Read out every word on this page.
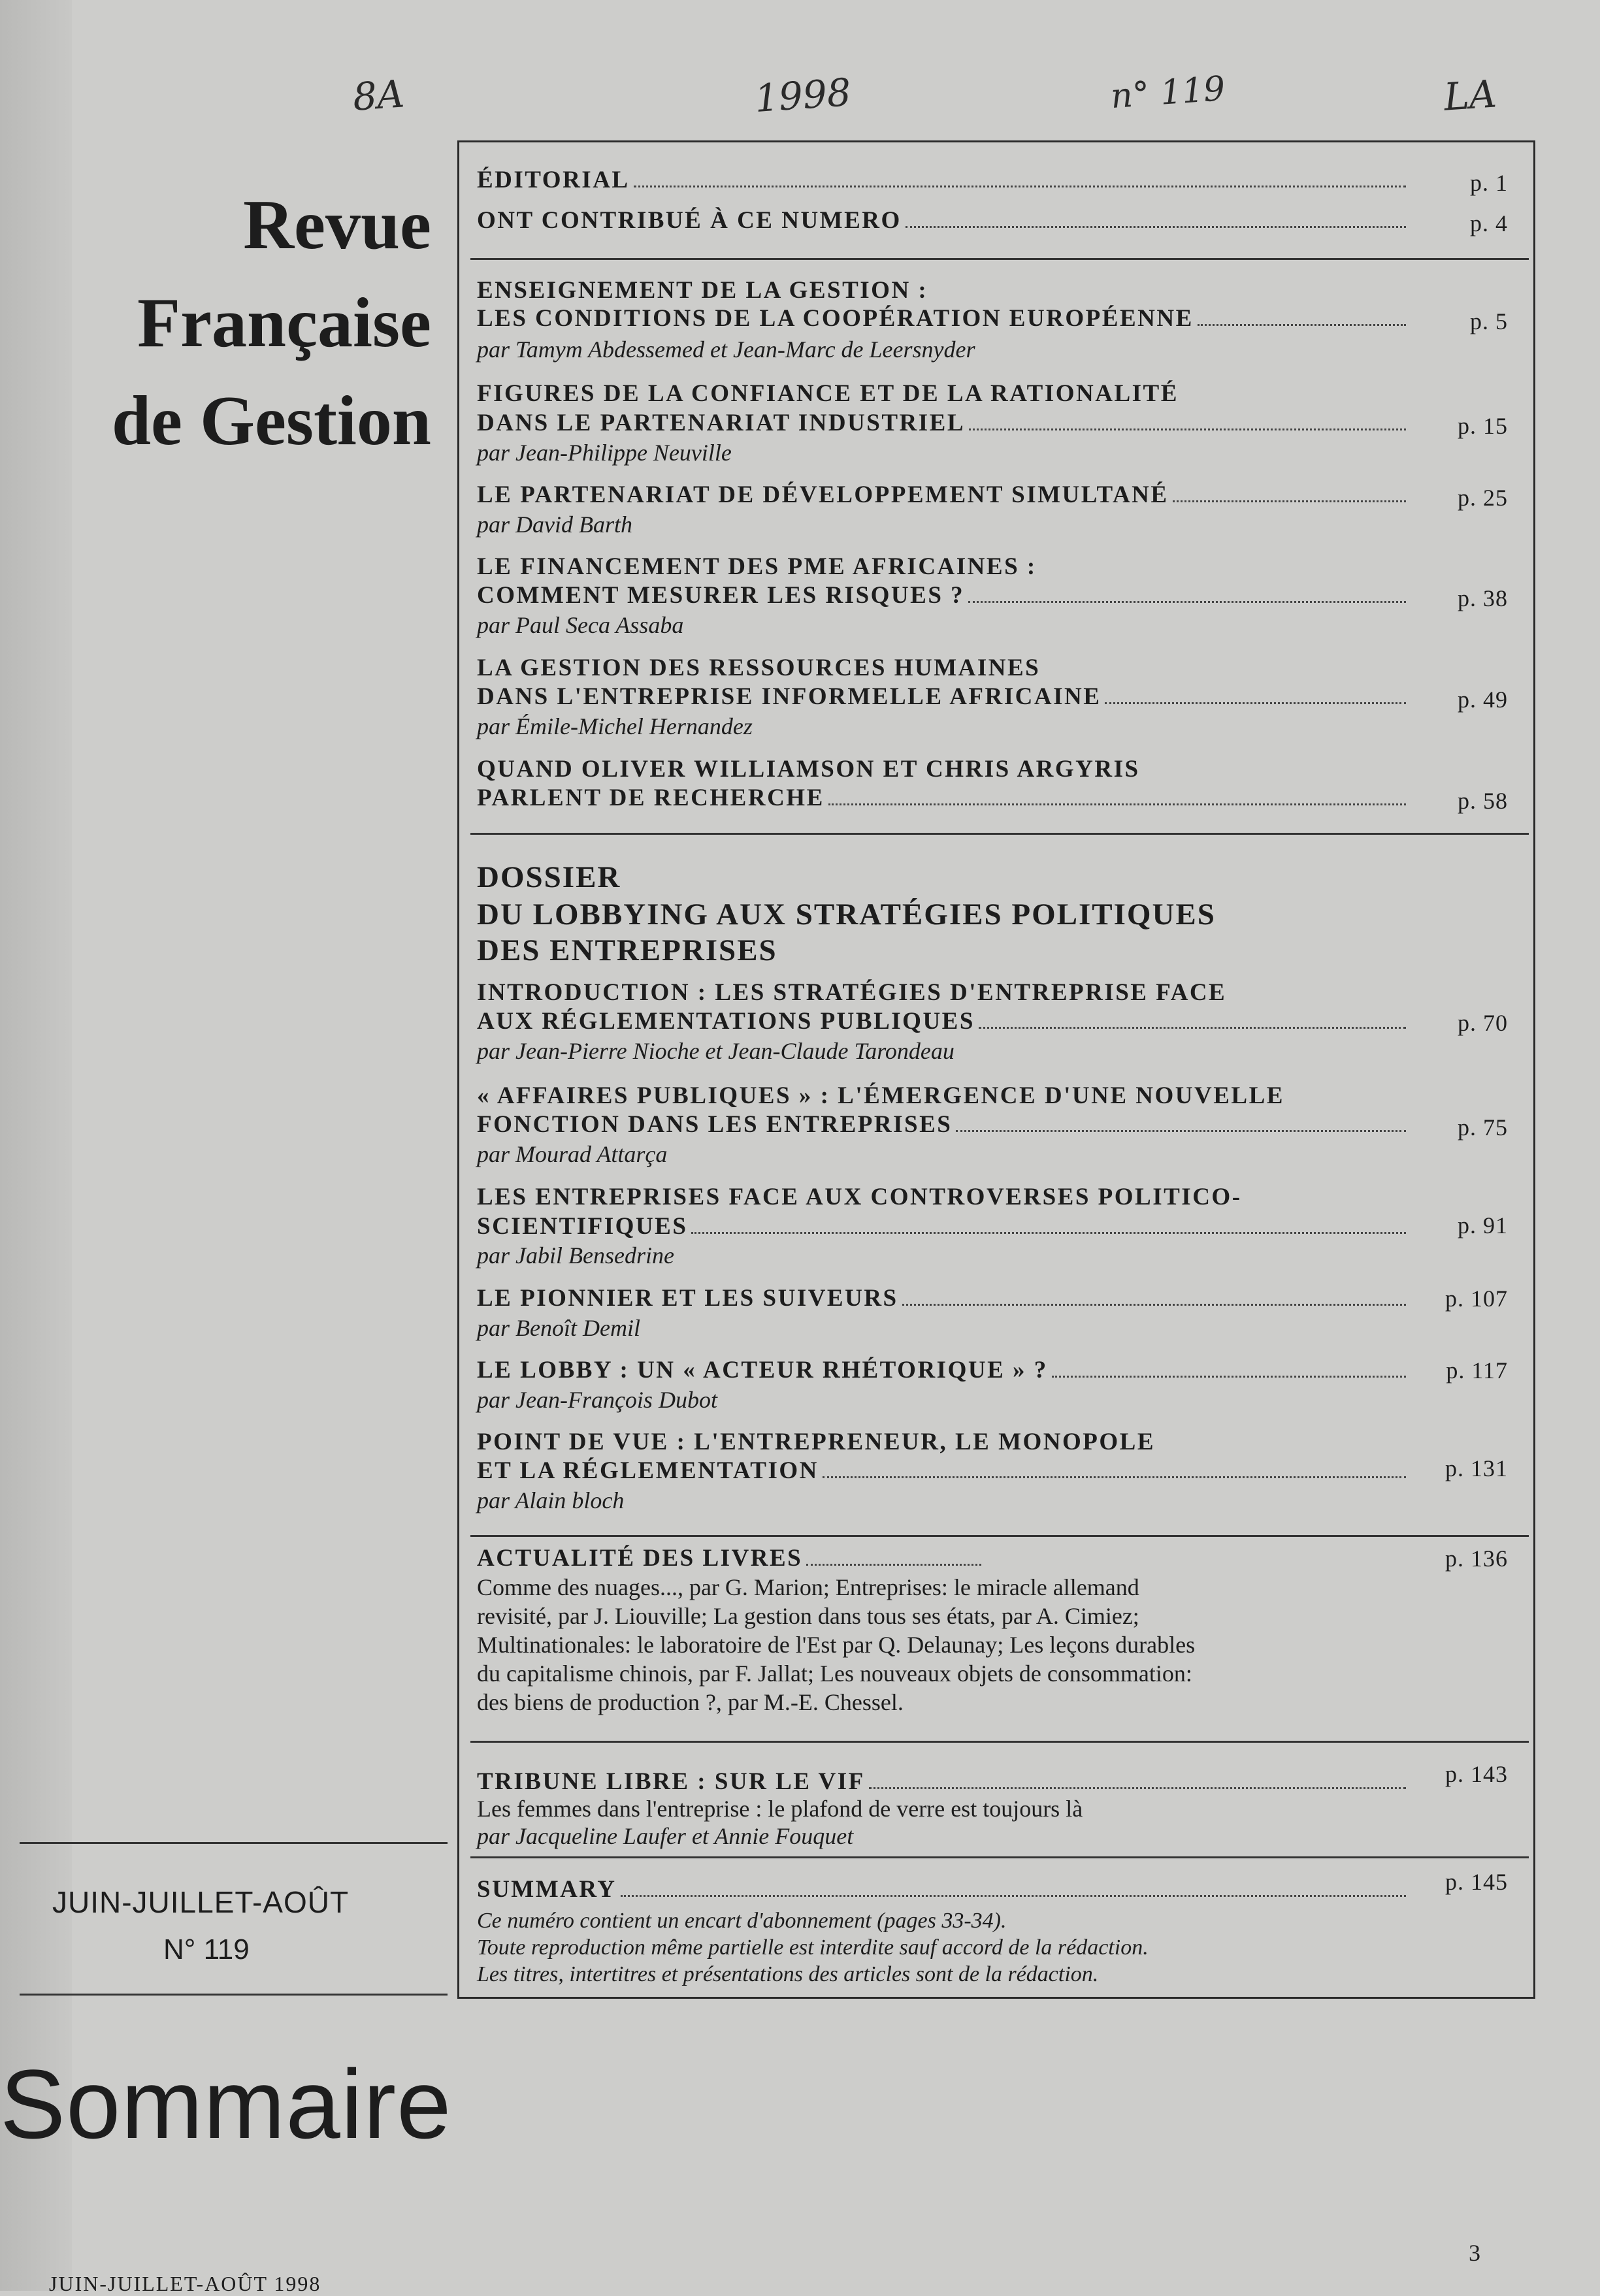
8A	1998	n° 119	LA
Revue
Française
de Gestion
JUIN-JUILLET-AOÛT
N° 119
Sommaire
JUIN-JUILLET-AOÛT 1998
3
ÉDITORIAL	p. 1
ONT CONTRIBUÉ À CE NUMERO	p. 4
ENSEIGNEMENT DE LA GESTION :
LES CONDITIONS DE LA COOPÉRATION EUROPÉENNE	p. 5
par Tamym Abdessemed et Jean-Marc de Leersnyder
FIGURES DE LA CONFIANCE ET DE LA RATIONALITÉ
DANS LE PARTENARIAT INDUSTRIEL	p. 15
par Jean-Philippe Neuville
LE PARTENARIAT DE DÉVELOPPEMENT SIMULTANÉ	p. 25
par David Barth
LE FINANCEMENT DES PME AFRICAINES :
COMMENT MESURER LES RISQUES ?	p. 38
par Paul Seca Assaba
LA GESTION DES RESSOURCES HUMAINES
DANS L'ENTREPRISE INFORMELLE AFRICAINE	p. 49
par Émile-Michel Hernandez
QUAND OLIVER WILLIAMSON ET CHRIS ARGYRIS
PARLENT DE RECHERCHE	p. 58
DOSSIER
DU LOBBYING AUX STRATÉGIES POLITIQUES
DES ENTREPRISES
INTRODUCTION : LES STRATÉGIES D'ENTREPRISE FACE
AUX RÉGLEMENTATIONS PUBLIQUES	p. 70
par Jean-Pierre Nioche et Jean-Claude Tarondeau
« AFFAIRES PUBLIQUES » : L'ÉMERGENCE D'UNE NOUVELLE
FONCTION DANS LES ENTREPRISES	p. 75
par Mourad Attarça
LES ENTREPRISES FACE AUX CONTROVERSES POLITICO-
SCIENTIFIQUES	p. 91
par Jabil Bensedrine
LE PIONNIER ET LES SUIVEURS	p. 107
par Benoît Demil
LE LOBBY : UN « ACTEUR RHÉTORIQUE » ?	p. 117
par Jean-François Dubot
POINT DE VUE : L'ENTREPRENEUR, LE MONOPOLE
ET LA RÉGLEMENTATION	p. 131
par Alain bloch
ACTUALITÉ DES LIVRES	p. 136
Comme des nuages..., par G. Marion; Entreprises: le miracle allemand
revisité, par J. Liouville; La gestion dans tous ses états, par A. Cimiez;
Multinationales: le laboratoire de l'Est par Q. Delaunay; Les leçons durables
du capitalisme chinois, par F. Jallat; Les nouveaux objets de consommation:
des biens de production ?, par M.-E. Chessel.
TRIBUNE LIBRE : SUR LE VIF	p. 143
Les femmes dans l'entreprise : le plafond de verre est toujours là
par Jacqueline Laufer et Annie Fouquet
SUMMARY	p. 145
Ce numéro contient un encart d'abonnement (pages 33-34).
Toute reproduction même partielle est interdite sauf accord de la rédaction.
Les titres, intertitres et présentations des articles sont de la rédaction.
